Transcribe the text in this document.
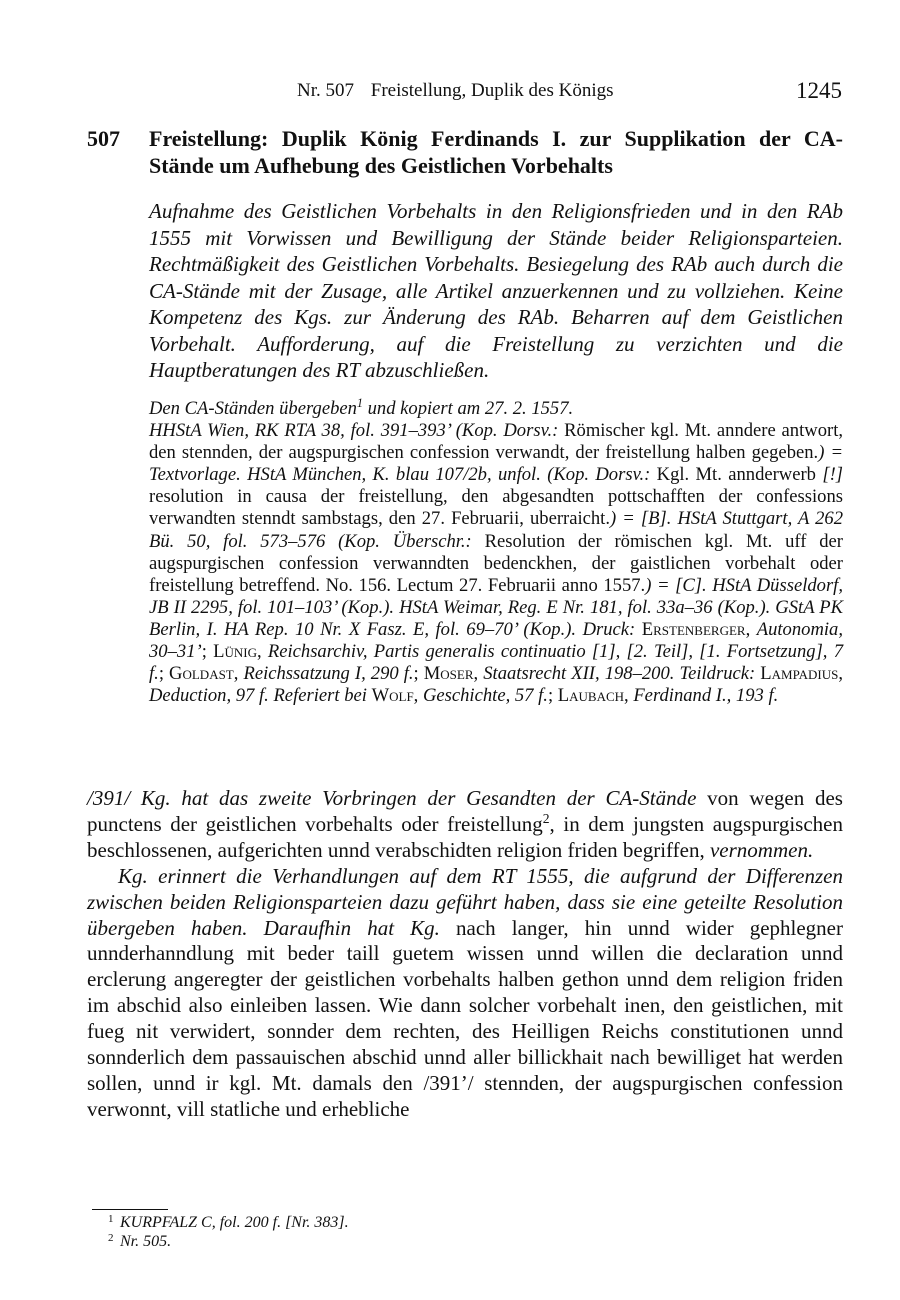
Nr. 507 Freistellung, Duplik des Königs	1245
507 Freistellung: Duplik König Ferdinands I. zur Supplikation der CA-Stände um Aufhebung des Geistlichen Vorbehalts

Aufnahme des Geistlichen Vorbehalts in den Religionsfrieden und in den RAb 1555 mit Vorwissen und Bewilligung der Stände beider Religionsparteien. Rechtmäßigkeit des Geistlichen Vorbehalts. Besiegelung des RAb auch durch die CA-Stände mit der Zusage, alle Artikel anzuerkennen und zu vollziehen. Keine Kompetenz des Kgs. zur Änderung des RAb. Beharren auf dem Geistlichen Vorbehalt. Aufforderung, auf die Freistellung zu verzichten und die Hauptberatungen des RT abzuschließen.

Den CA-Ständen übergeben$^1$ und kopiert am 27. 2. 1557.

HHStA Wien, RK RTA 38, fol. 391–393’ (Kop. Dorsv.: Römischer kgl. Mt. anndere antwort, den stennden, der augspurgischen confession verwandt, der freistellung halben gegeben.) = Textvorlage. HStA München, K. blau 107/2b, unfol. (Kop. Dorsv.: Kgl. Mt. annderwerb [!] resolution in causa der freistellung, den abgesandten pottschafften der confessions verwandten stenndt sambstags, den 27. Februarii, uberraicht.) = [B]. HStA Stuttgart, A 262 Bü. 50, fol. 573–576 (Kop. Überschr.: Resolution der römischen kgl. Mt. uff der augspurgischen confession verwanndten bedenckhen, der gaistlichen vorbehalt oder freistellung betreffend. No. 156. Lectum 27. Februarii anno 1557.) = [C]. HStA Düsseldorf, JB II 2295, fol. 101–103’ (Kop.). HStA Weimar, Reg. E Nr. 181, fol. 33a–36 (Kop.). GStA PK Berlin, I. HA Rep. 10 Nr. X Fasz. E, fol. 69–70’ (Kop.). Druck: Erstenberger, Autonomia, 30–31’; Lünig, Reichsarchiv, Partis generalis continuatio [1], [2. Teil], [1. Fortsetzung], 7 f.; Goldast, Reichssatzung I, 290 f.; Moser, Staatsrecht XII, 198–200. Teildruck: Lampadius, Deduction, 97 f. Referiert bei Wolf, Geschichte, 57 f.; Laubach, Ferdinand I., 193 f.

/391/ Kg. hat das zweite Vorbringen der Gesandten der CA-Stände von wegen des punctens der geistlichen vorbehalts oder freistellung$^2$, in dem jungsten augspurgischen beschlossenen, aufgerichten unnd verabschidten religion friden begriffen, vernommen.

Kg. erinnert die Verhandlungen auf dem RT 1555, die aufgrund der Differenzen zwischen beiden Religionsparteien dazu geführt haben, dass sie eine geteilte Resolution übergeben haben. Daraufhin hat Kg. nach langer, hin unnd wider gephlegner unnderhanndlung mit beder taill guetem wissen unnd willen die declaration unnd erclerung angeregter der geistlichen vorbehalts halben gethon unnd dem religion friden im abschid also einleiben lassen. Wie dann solcher vorbehalt inen, den geistlichen, mit fueg nit verwidert, sonnder dem rechten, des Heilligen Reichs constitutionen unnd sonnderlich dem passauischen abschid unnd aller billickhait nach bewilliget hat werden sollen, unnd ir kgl. Mt. damals den /391’/ stennden, der augspurgischen confession verwonnt, vill statliche und erhebliche

1 KURPFALZ C, fol. 200 f. [Nr. 383].
2 Nr. 505.
